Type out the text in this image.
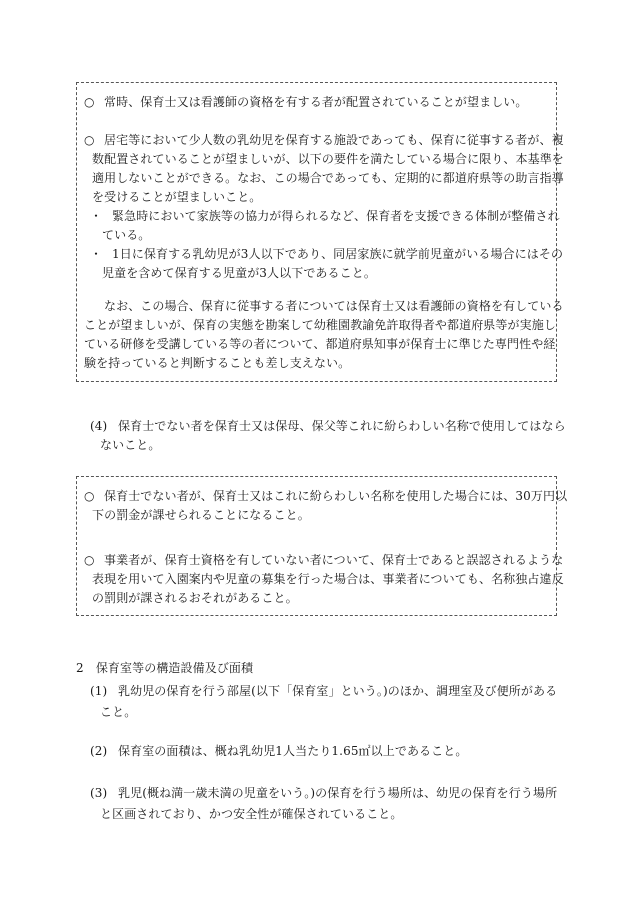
○ 常時、保育士又は看護師の資格を有する者が配置されていることが望ましい。
○ 居宅等において少人数の乳幼児を保育する施設であっても、保育に従事する者が、複
数配置されていることが望ましいが、以下の要件を満たしている場合に限り、本基準を
適用しないことができる。なお、この場合であっても、定期的に都道府県等の助言指導
を受けることが望ましいこと。
・ 緊急時において家族等の協力が得られるなど、保育者を支援できる体制が整備され
ている。
・ 1日に保育する乳幼児が3人以下であり、同居家族に就学前児童がいる場合にはその
児童を含めて保育する児童が3人以下であること。
なお、この場合、保育に従事する者については保育士又は看護師の資格を有している
ことが望ましいが、保育の実態を勘案して幼稚園教諭免許取得者や都道府県等が実施し
ている研修を受講している等の者について、都道府県知事が保育士に準じた専門性や経
験を持っていると判断することも差し支えない。
(4) 保育士でない者を保育士又は保母、保父等これに紛らわしい名称で使用してはなら
ないこと。
○ 保育士でない者が、保育士又はこれに紛らわしい名称を使用した場合には、30万円以
下の罰金が課せられることになること。
○ 事業者が、保育士資格を有していない者について、保育士であると誤認されるような
表現を用いて入園案内や児童の募集を行った場合は、事業者についても、名称独占違反
の罰則が課されるおそれがあること。
2　保育室等の構造設備及び面積
(1) 乳幼児の保育を行う部屋(以下「保育室」という。)のほか、調理室及び便所がある
こと。
(2) 保育室の面積は、概ね乳幼児1人当たり1.65㎡以上であること。
(3) 乳児(概ね満一歳未満の児童をいう。)の保育を行う場所は、幼児の保育を行う場所
と区画されており、かつ安全性が確保されていること。
